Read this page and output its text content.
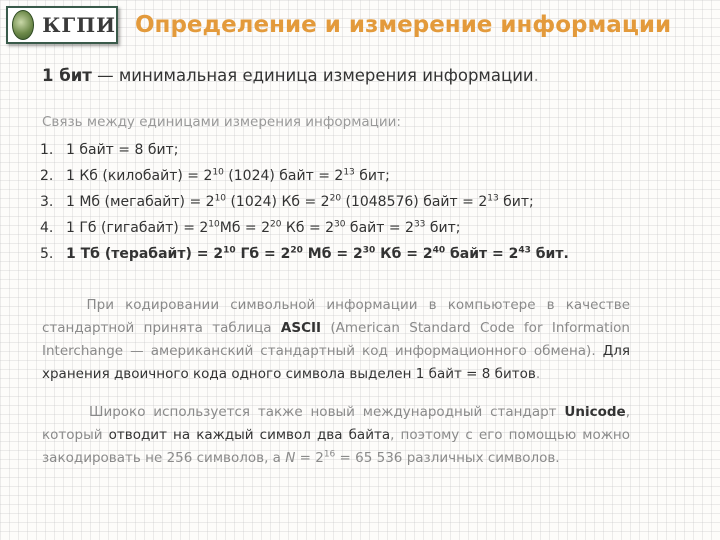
КГПИ Определение и измерение информации
1 бит — минимальная единица измерения информации.
Связь между единицами измерения информации:
1. 1 байт = 8 бит;
2. 1 Кб (килобайт) = $2^{10}$ (1024) байт = $2^{13}$ бит;
3. 1 Мб (мегабайт) = $2^{10}$ (1024) Кб = $2^{20}$ (1048576) байт = $2^{13}$ бит;
4. 1 Гб (гигабайт) = $2^{10}Мб = 2^{20}$ Кб = $2^{30}$ байт = $2^{33}$ бит;
5. 1 Тб (терабайт) = $2^{10}$ Гб = $2^{20}$ Мб = $2^{30}$ Кб = $2^{40}$ байт = $2^{43}$ бит.
При кодировании символьной информации в компьютере в качестве стандартной принята таблица ASCII (American Standard Code for Information Interchange — американский стандартный код информационного обмена). Для хранения двоичного кода одного символа выделен 1 байт = 8 битов.
Широко используется также новый международный стандарт Unicode, который отводит на каждый символ два байта, поэтому с его помощью можно закодировать не 256 символов, а $N = 2^{16} = 65$ 536 различных символов.
